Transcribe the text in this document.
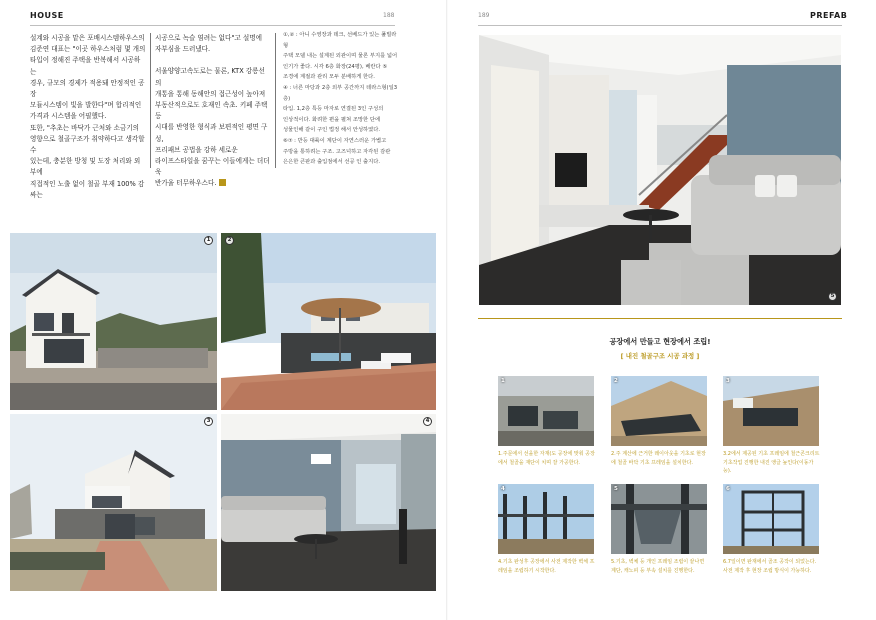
HOUSE	188
설계와 시공을 맡은 포배시스템하우스의
김준연 대표는 "이곳 하우스처럼 몇 개의
타입이 정해진 주택을 반복해서 시공하는
경우, 규모의 경제가 적용돼 안정적인 공장
모듈시스템이 빛을 발한다"며 합리적인
가격과 시스템을 어필했다.
또한, "추초는 바닥가 근처와 소금기의
영향으로 철골구조가 취약하다고 생각할 수
있는데, 충분한 방청 및 도장 처리와 외부에
직접적인 노출 없이 철골 부재 100% 감싸는
시공으로 녹슬 염려는 없다"고 설명에
자부심을 드러냈다.
서울양양고속도로는 물론, KTX 강릉선의
개통을 통해 동해안의 접근성이 높아져
부동산적으로도 호재인 속초. 키페 주택 등
시대를 반영한 형식과 보편적인 평면 구성,
프리패브 공법을 강하 세로운
라이프스타일을 꿈꾸는 이들에게는 더더욱
반가울 터무하우스다.
①,② : 아니 수영장과 데크, 선베드가 있는 풀빌라형
주택 모델 내는 설계된 외관이며 물론 부지를 넓어
인기가 좋다. 시각 6층 화장(24평), 베란다 ⑤
조경에 계절과 관리 모두 분배하게 한다.
④ : 너른 마당과 2층 외부 공간까지 테라스형(일3층)
타입. 1,2층 특등 마자로 연결된 3인 구성의
인상적이다. 화려한 편을 펼쳐 조망한 단에
성물인해 같이 구인 법정 해서 안성하였다.
⑥⑦ : 반등 대륙이 계단이 자연스러운 가볍고
주방을 통하려는 구조. 고즈넉하고 자각된 감관
은은한 큰판과 출입점에서 선공 인 출지다.
1	2
3	4
189	PREFAB
5
공장에서 만들고 현장에서 조립!
[ 내진 철골구조 시공 과정 ]
1
1.주문에서 선을한 자재(도 공장에 맞춰 공장에서 철골을 재단이 치며 잘 가공한다.
2
2.주 계산에 근거한 레이아웃을 기초로 현장에 철골 바닥 기초 프레임을 설치한다.
3
3.2에서 제공된 기초 프레임에 철근콘크리트 기초작업 진행한 내진 앵글 높인다(이동가능).
4
4.기초 완성후 공장에서 사전 제작한 벽체 프레임을 조립하기 시작한다.
5
5.기초, 벽체 등 개인 프레임 조립이 끝나면 계단, 캐노피 등 부속 설치를 진행한다.
6
6.7일이면 완재에서 골조 공작이 되었는다. 사전 제작 후 현장 조립 방식이 가능하다.
